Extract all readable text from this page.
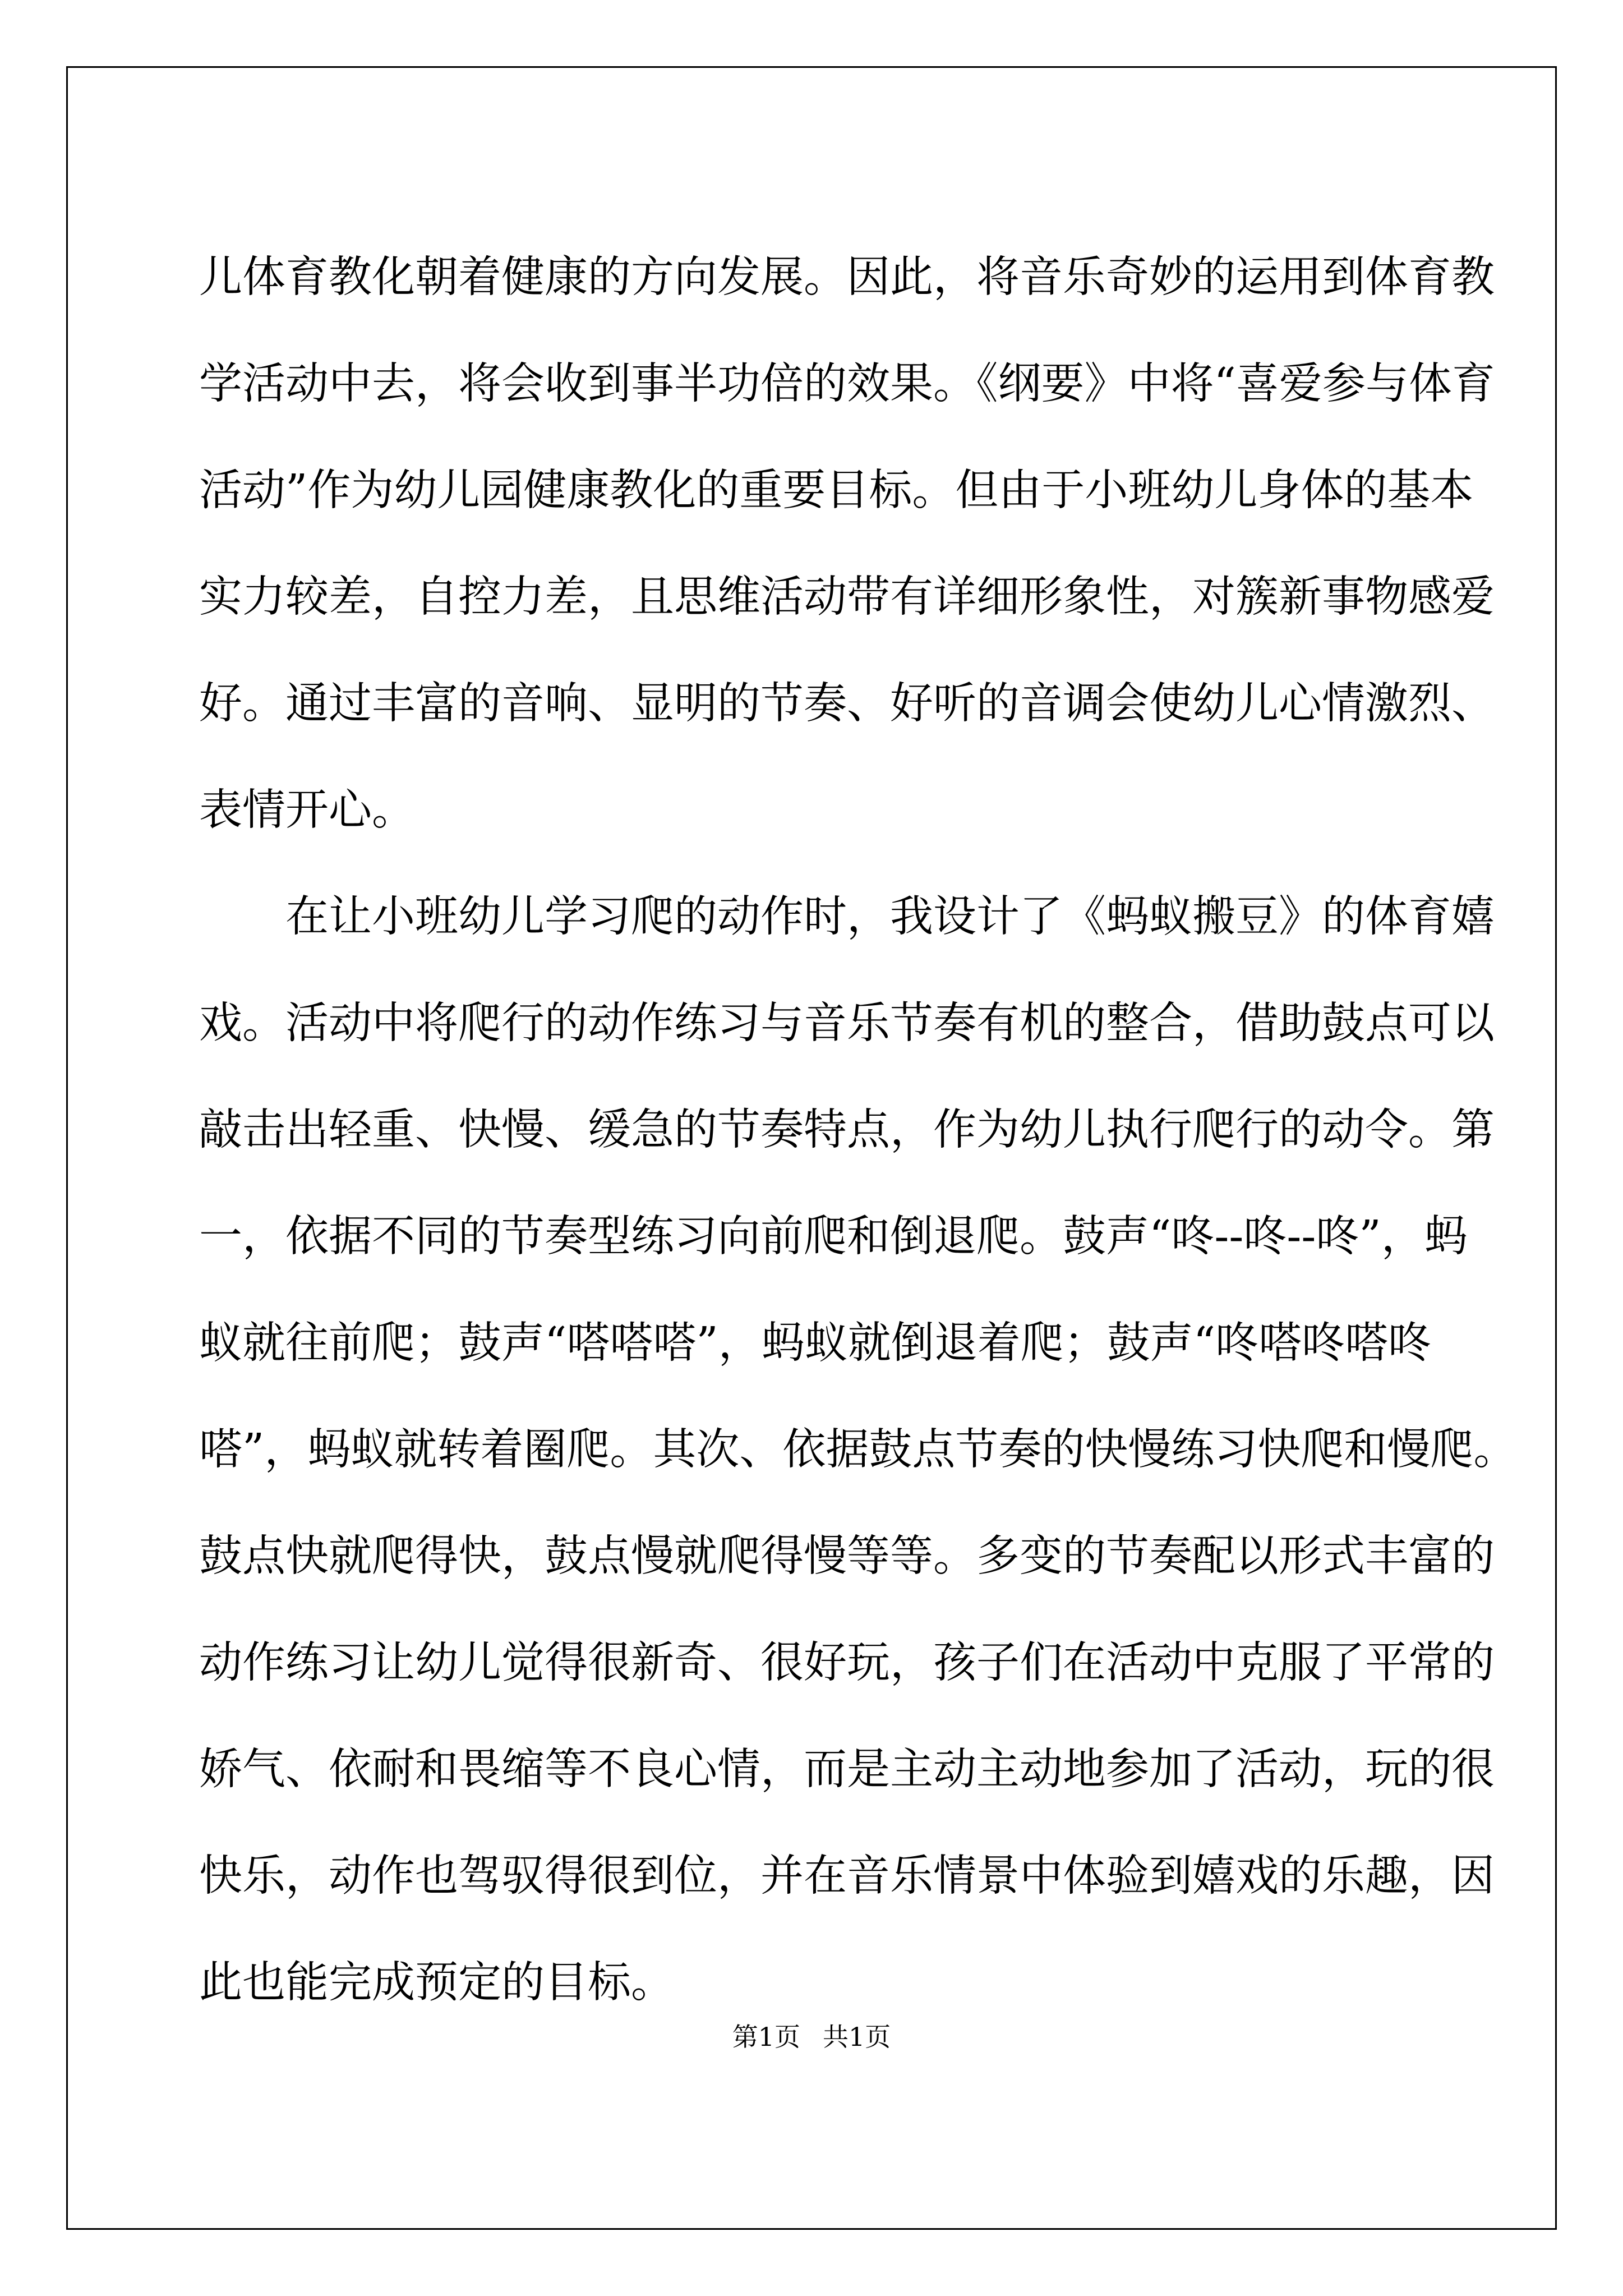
儿体育教化朝着健康的方向发展。因此，将音乐奇妙的运用到体育教
学活动中去，将会收到事半功倍的效果。《纲要》中将“喜爱参与体育
活动”作为幼儿园健康教化的重要目标。但由于小班幼儿身体的基本
实力较差，自控力差，且思维活动带有详细形象性，对簇新事物感爱
好。通过丰富的音响、显明的节奏、好听的音调会使幼儿心情激烈、
表情开心。
在让小班幼儿学习爬的动作时，我设计了《蚂蚁搬豆》的体育嬉
戏。活动中将爬行的动作练习与音乐节奏有机的整合，借助鼓点可以
敲击出轻重、快慢、缓急的节奏特点，作为幼儿执行爬行的动令。第
一，依据不同的节奏型练习向前爬和倒退爬。鼓声“咚--咚--咚”，蚂
蚁就往前爬；鼓声“嗒嗒嗒”，蚂蚁就倒退着爬；鼓声“咚嗒咚嗒咚
嗒”，蚂蚁就转着圈爬。其次、依据鼓点节奏的快慢练习快爬和慢爬。
鼓点快就爬得快，鼓点慢就爬得慢等等。多变的节奏配以形式丰富的
动作练习让幼儿觉得很新奇、很好玩，孩子们在活动中克服了平常的
娇气、依耐和畏缩等不良心情，而是主动主动地参加了活动，玩的很
快乐，动作也驾驭得很到位，并在音乐情景中体验到嬉戏的乐趣，因
此也能完成预定的目标。
第1页 共1页
